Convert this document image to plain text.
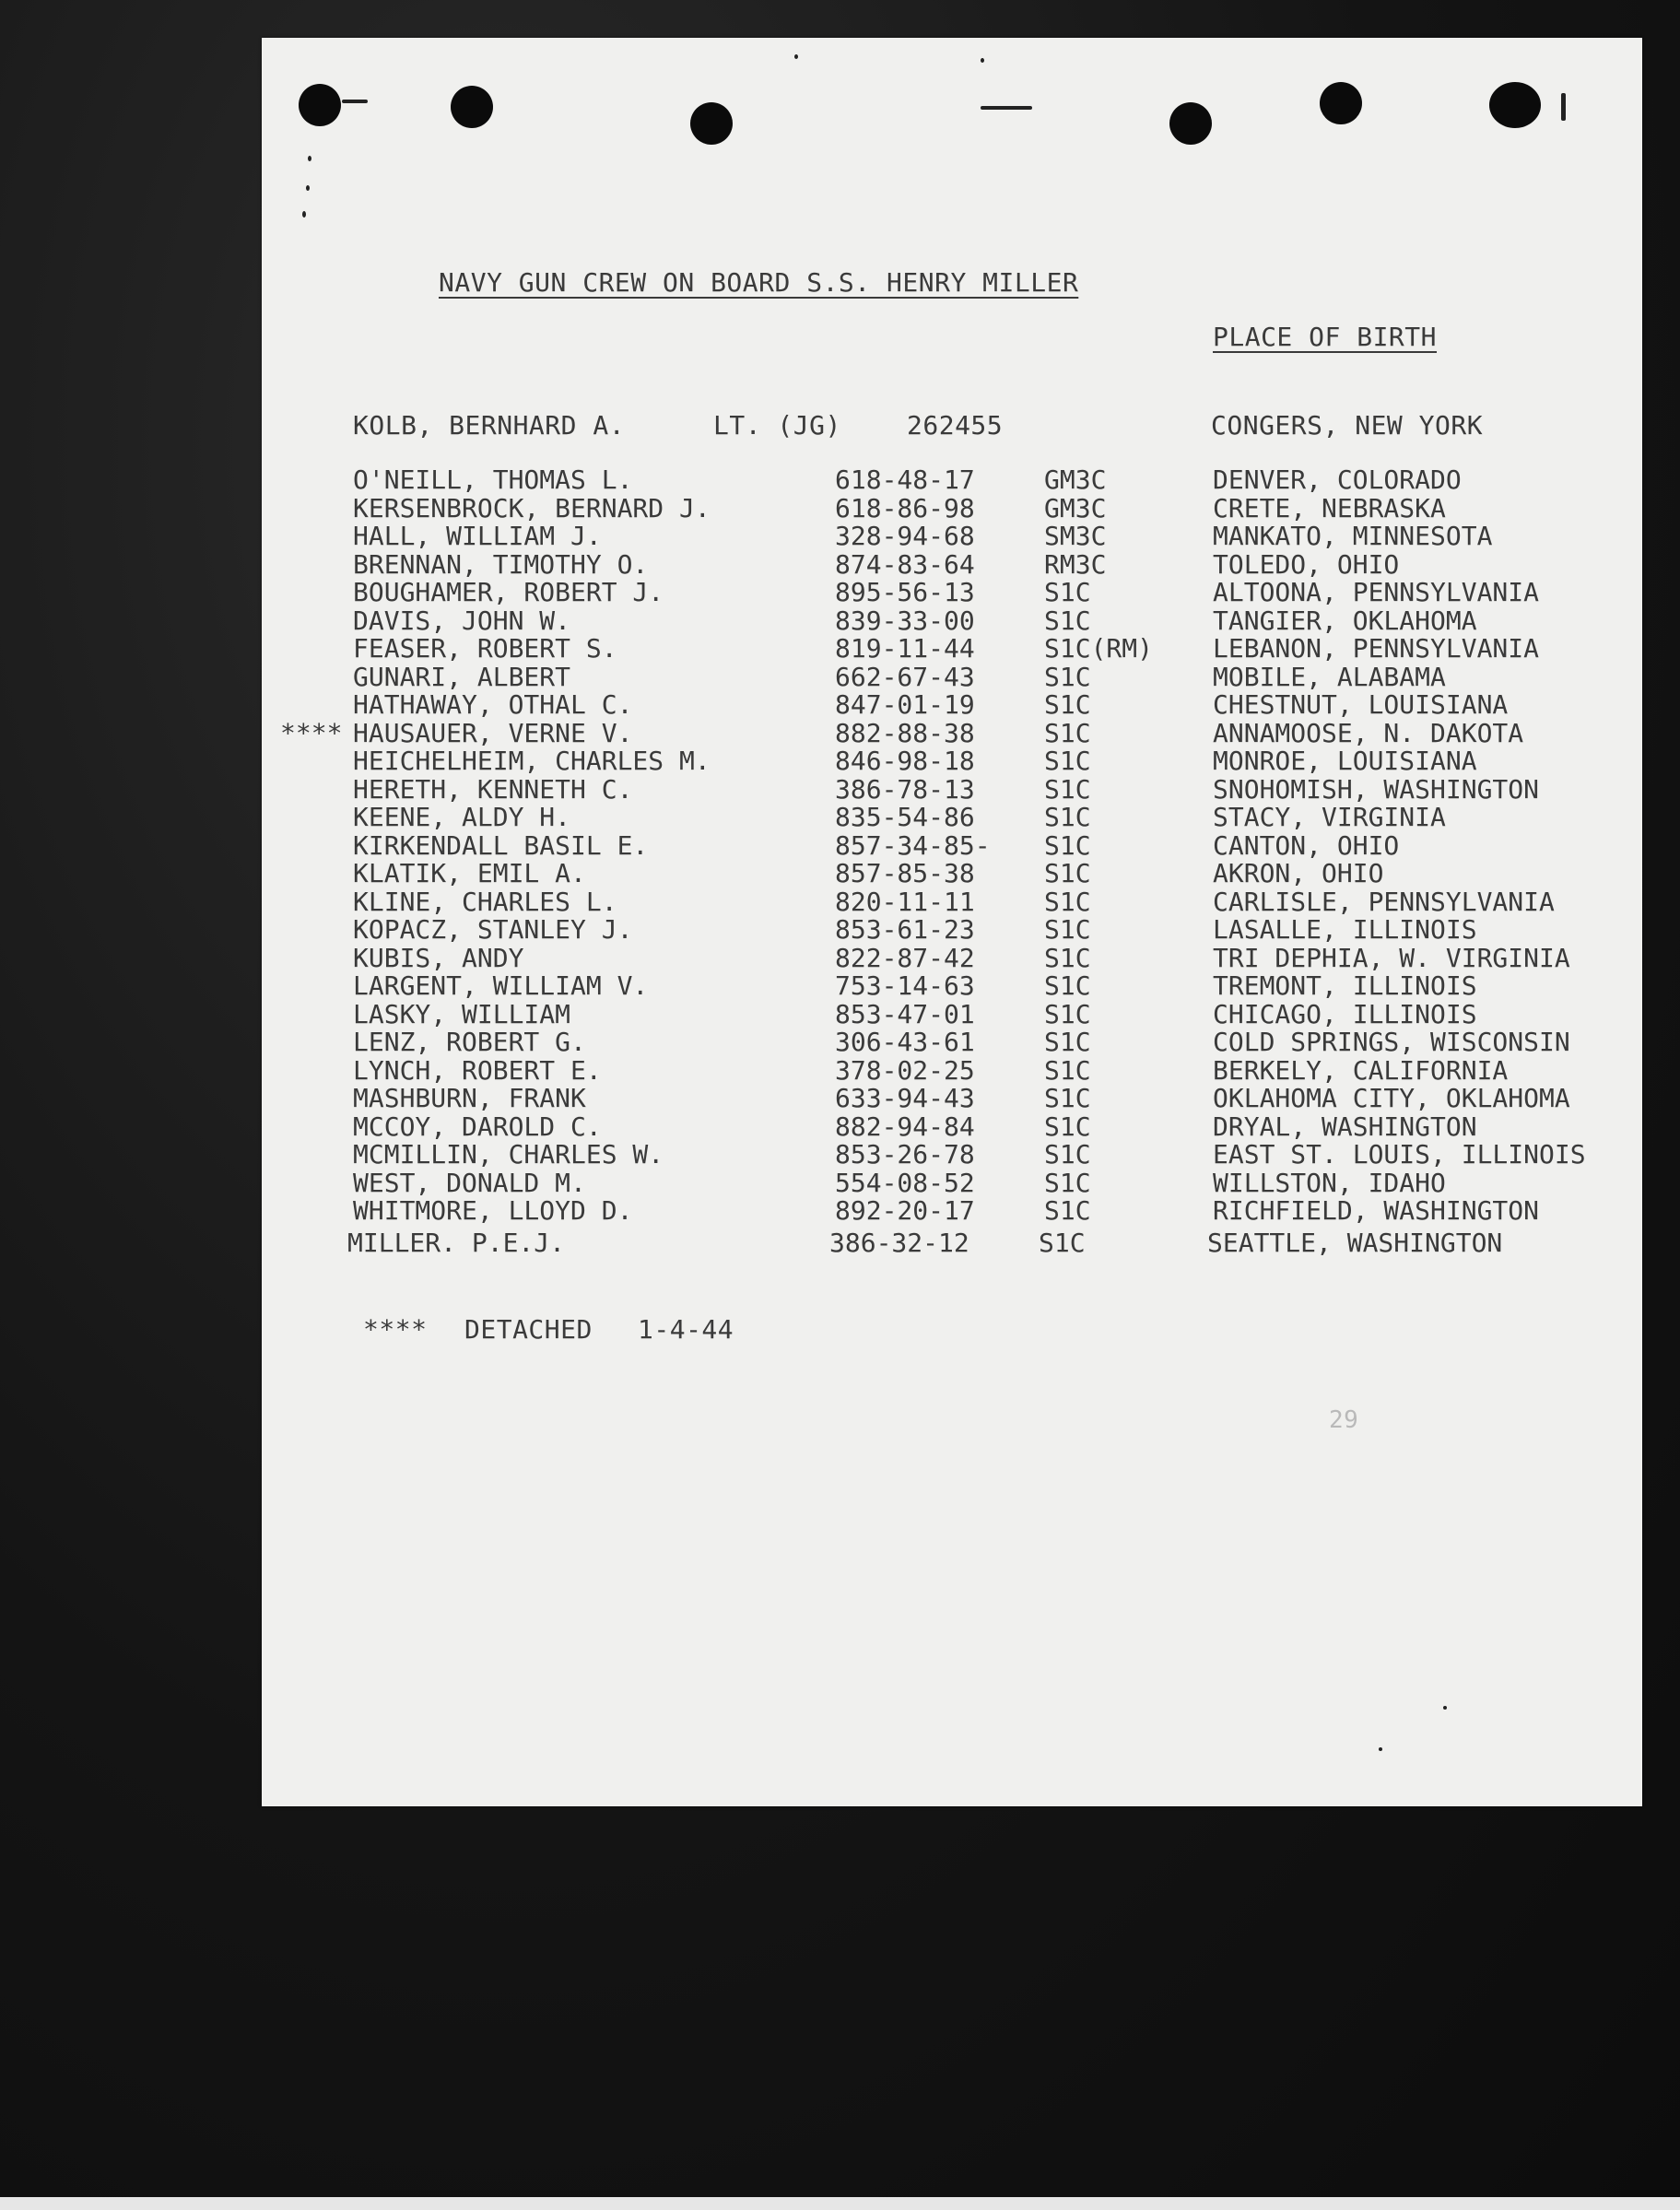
NAVY GUN CREW ON BOARD S.S. HENRY MILLER
PLACE OF BIRTH
KOLB, BERNHARD A.	LT. (JG)	262455	CONGERS, NEW YORK
O'NEILL, THOMAS L.	618-48-17	GM3C	DENVER, COLORADO
KERSENBROCK, BERNARD J.	618-86-98	GM3C	CRETE, NEBRASKA
HALL, WILLIAM J.	328-94-68	SM3C	MANKATO, MINNESOTA
BRENNAN, TIMOTHY O.	874-83-64	RM3C	TOLEDO, OHIO
BOUGHAMER, ROBERT J.	895-56-13	S1C	ALTOONA, PENNSYLVANIA
DAVIS, JOHN W.	839-33-00	S1C	TANGIER, OKLAHOMA
FEASER, ROBERT S.	819-11-44	S1C(RM) LEBANON, PENNSYLVANIA
GUNARI, ALBERT	662-67-43	S1C	MOBILE, ALABAMA
HATHAWAY, OTHAL C.	847-01-19	S1C	CHESTNUT, LOUISIANA
**** HAUSAUER, VERNE V.	882-88-38	S1C	ANNAMOOSE, N. DAKOTA
HEICHELHEIM, CHARLES M.	846-98-18	S1C	MONROE, LOUISIANA
HERETH, KENNETH C.	386-78-13	S1C	SNOHOMISH, WASHINGTON
KEENE, ALDY H.	835-54-86	S1C	STACY, VIRGINIA
KIRKENDALL BASIL E.	857-34-85- S1C	CANTON, OHIO
KLATIK, EMIL A.	857-85-38	S1C	AKRON, OHIO
KLINE, CHARLES L.	820-11-11	S1C	CARLISLE, PENNSYLVANIA
KOPACZ, STANLEY J.	853-61-23	S1C	LASALLE, ILLINOIS
KUBIS, ANDY	822-87-42	S1C	TRI DEPHIA, W. VIRGINIA
LARGENT, WILLIAM V.	753-14-63	S1C	TREMONT, ILLINOIS
LASKY, WILLIAM	853-47-01	S1C	CHICAGO, ILLINOIS
LENZ, ROBERT G.	306-43-61	S1C	COLD SPRINGS, WISCONSIN
LYNCH, ROBERT E.	378-02-25	S1C	BERKELY, CALIFORNIA
MASHBURN, FRANK	633-94-43	S1C	OKLAHOMA CITY, OKLAHOMA
MCCOY, DAROLD C.	882-94-84	S1C	DRYAL, WASHINGTON
MCMILLIN, CHARLES W.	853-26-78	S1C	EAST ST. LOUIS, ILLINOIS
WEST, DONALD M.	554-08-52	S1C	WILLSTON, IDAHO
WHITMORE, LLOYD D.	892-20-17	S1C	RICHFIELD, WASHINGTON
MILLER. P.E.J.	386-32-12	S1C	SEATTLE, WASHINGTON
**** DETACHED 1-4-44
29
